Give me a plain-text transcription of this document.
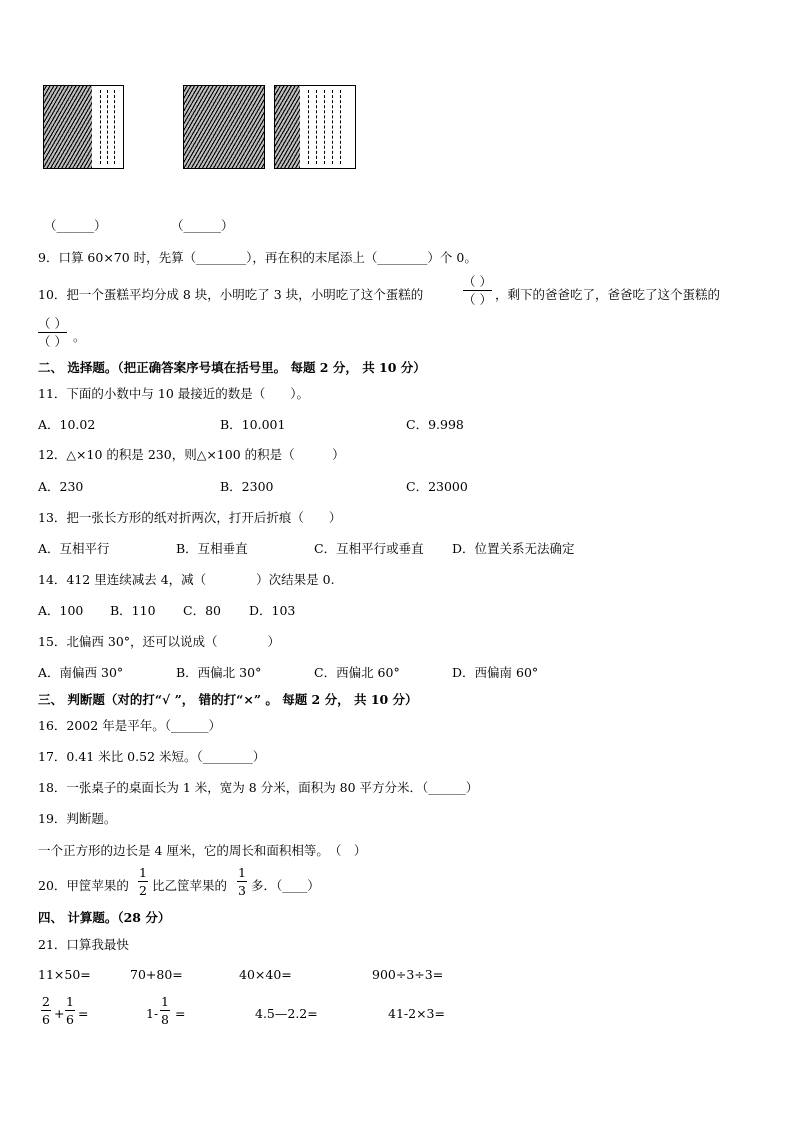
（______）	（______）
9．口算 60×70 时，先算（________），再在积的末尾添上（________）个 0。
10．把一个蛋糕平均分成 8 块，小明吃了 3 块，小明吃了这个蛋糕的
（ ）
（ ） ，剩下的爸爸吃了，爸爸吃了这个蛋糕的
（ ）
（ ） 。
二、 选择题。（把正确答案序号填在括号里。 每题 2 分， 共 10 分）
11．下面的小数中与 10 最接近的数是（　　）。
A．10.02	B．10.001	C．9.998
12．△×10 的积是 230，则△×100 的积是（　　　）
A．230	B．2300	C．23000
13．把一张长方形的纸对折两次，打开后折痕（　　）
A．互相平行	B．互相垂直	C．互相平行或垂直 D．位置关系无法确定
14．412 里连续减去 4，减（　　　　）次结果是 0.
A．100 B．110 C．80 D．103
15．北偏西 30°，还可以说成（　　　　）
A．南偏西 30°	B．西偏北 30°	C．西偏北 60°	D．西偏南 60°
三、 判断题（对的打“√ ”， 错的打“×” 。 每题 2 分， 共 10 分）
16．2002 年是平年。（______）
17．0.41 米比 0.52 米短。（________）
18．一张桌子的桌面长为 1 米，宽为 8 分米，面积为 80 平方分米．（______）
19．判断题。
一个正方形的边长是 4 厘米，它的周长和面积相等。　（　）
20．甲筐苹果的
1
2 比乙筐苹果的
1
3 多．（____）
四、 计算题。（28 分）
21．口算我最快
11×50=	70+80=	40×40=	900÷3÷3=
2
6 +
1
6 =	1-
1
8 =	4.5—2.2=	41-2×3=
